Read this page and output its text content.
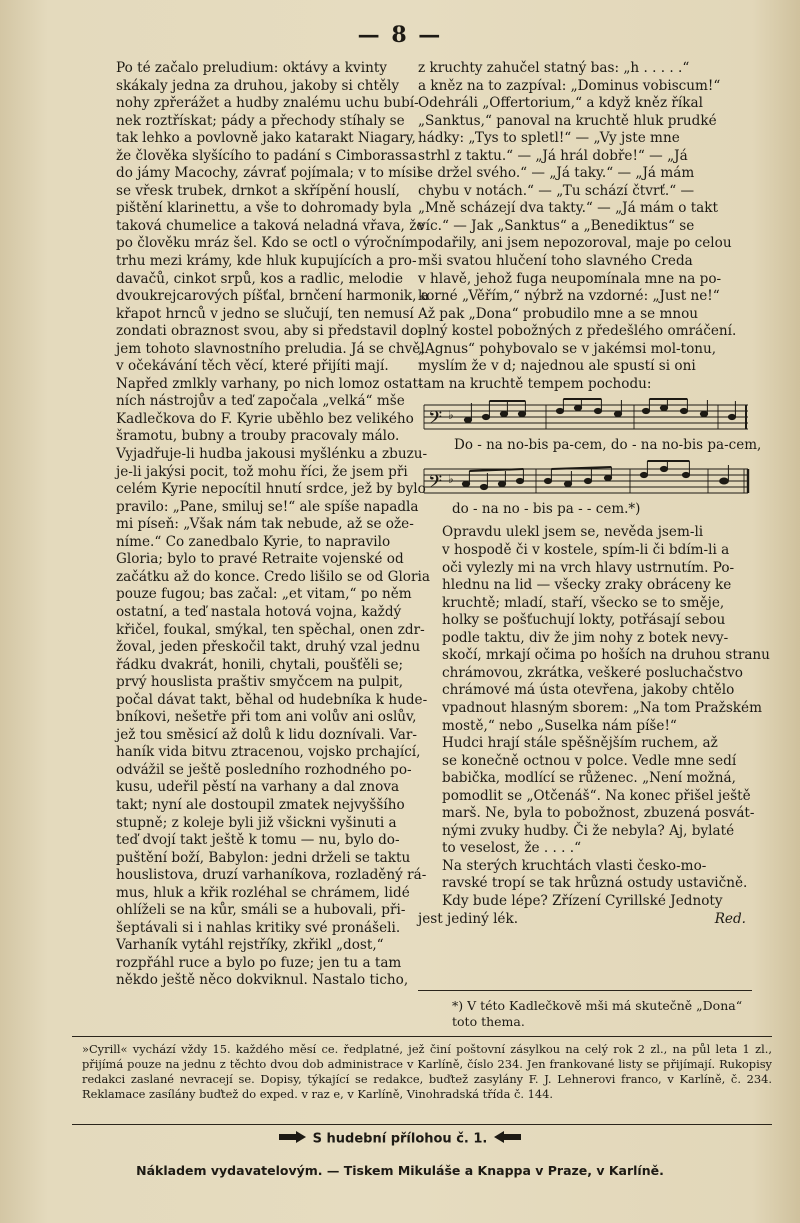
— 8 —

Po té začalo preludium: oktávy a kvinty
skákaly jedna za druhou, jakoby si chtěly
nohy zpřerážet a hudby znalému uchu bubí-
nek roztřískat; pády a přechody stíhaly se
tak lehko a povlovně jako katarakt Niagary,
že člověka slyšícího to padání s Cimborassa
do jámy Macochy, závrať pojímala; v to mísil
se vřesk trubek, drnkot a skřípění houslí,
pištění klarinettu, a vše to dohromady byla
taková chumelice a taková neladná vřava, že
po člověku mráz šel. Kdo se octl o výročním
trhu mezi krámy, kde hluk kupujících a pro-
davačů, cinkot srpů, kos a radlic, melodie
dvoukrejcarových píšťal, brnčení harmonik, a
křapot hrnců v jedno se slučují, ten nemusí
zondati obraznost svou, aby si představil do-
jem tohoto slavnostního preludia. Já se chvěl
v očekávání těch věcí, které přijíti mají.
Napřed zmlkly varhany, po nich lomoz ostat-
ních nástrojův a teď započala „velká“ mše
Kadlečkova do F. Kyrie uběhlo bez velikého
šramotu, bubny a trouby pracovaly málo.
Vyjadřuje-li hudba jakousi myšlénku a zbuzu-
je-li jakýsi pocit, tož mohu říci, že jsem při
celém Kyrie nepocítil hnutí srdce, jež by bylo
pravilo: „Pane, smiluj se!“ ale spíše napadla
mi píseň: „Však nám tak nebude, až se ože-
níme.“ Co zanedbalo Kyrie, to napravilo
Gloria; bylo to pravé Retraite vojenské od
začátku až do konce. Credo lišilo se od Gloria
pouze fugou; bas začal: „et vitam,“ po něm
ostatní, a teď nastala hotová vojna, každý
křičel, foukal, smýkal, ten spěchal, onen zdr-
žoval, jeden přeskočil takt, druhý vzal jednu
řádku dvakrát, honili, chytali, poušťěli se;
prvý houslista praštiv smyčcem na pulpit,
počal dávat takt, běhal od hudebníka k hude-
bníkovi, nešetře při tom ani volův ani oslův,
jež tou směsicí až dolů k lidu doznívali. Var-
haník vida bitvu ztracenou, vojsko prchající,
odvážil se ještě posledního rozhodného po-
kusu, udeřil pěstí na varhany a dal znova
takt; nyní ale dostoupil zmatek nejvyššího
stupně; z koleje byli již všickni vyšinuti a
teď dvojí takt ještě k tomu — nu, bylo do-
puštění boží, Babylon: jedni drželi se taktu
houslistova, druzí varhaníkova, rozladěný rá-
mus, hluk a křik rozléhal se chrámem, lidé
ohlíželi se na kůr, smáli se a hubovali, při-
šeptávali si i nahlas kritiky své pronášeli.

Varhaník vytáhl rejstříky, zkřikl „dost,“
rozpřáhl ruce a bylo po fuze; jen tu a tam
někdo ještě něco dokviknul. Nastalo ticho,

z kruchty zahučel statný bas: „h . . . . .“
a kněz na to zazpíval: „Dominus vobiscum!“
Odehráli „Offertorium,“ a když kněz říkal
„Sanktus,“ panoval na kruchtě hluk prudké
hádky: „Tys to spletl!“ — „Vy jste mne
strhl z taktu.“ — „Já hrál dobře!“ — „Já
se držel svého.“ — „Já taky.“ — „Já mám
chybu v notách.“ — „Tu schází čtvrť.“ —
„Mně scházejí dva takty.“ — „Já mám o takt
víc.“ — Jak „Sanktus“ a „Benediktus“ se
podařily, ani jsem nepozoroval, maje po celou
mši svatou hlučení toho slavného Creda
v hlavě, jehož fuga neupomínala mne na po-
korné „Věřím,“ nýbrž na vzdorné: „Just ne!“
Až pak „Dona“ probudilo mne a se mnou
plný kostel pobožných z předešlého omráčení.
„Agnus“ pohybovalo se v jakémsi mol-tonu,
myslím že v d; najednou ale spustí si oni
tam na kruchtě tempem pochodu:

𝄢 ♭
Do - na no-bis pa-cem, do - na no-bis pa-cem,
𝄢 ♭
do - na no - bis pa - - cem.*)

Opravdu ulekl jsem se, nevěda jsem-li
v hospodě či v kostele, spím-li či bdím-li a
oči vylezly mi na vrch hlavy ustrnutím. Po-
hlednu na lid — všecky zraky obráceny ke
kruchtě; mladí, staří, všecko se to směje,
holky se pošťuchují lokty, potřásají sebou
podle taktu, div že jim nohy z botek nevy-
skočí, mrkají očima po hoších na druhou stranu
chrámovou, zkrátka, veškeré posluchačstvo
chrámové má ústa otevřena, jakoby chtělo
vpadnout hlasným sborem: „Na tom Pražském
mostě,“ nebo „Suselka nám píše!“

Hudci hrají stále spěšnějším ruchem, až
se konečně octnou v polce. Vedle mne sedí
babička, modlící se růženec. „Není možná,
pomodlit se „Otčenáš“. Na konec přišel ještě
marš. Ne, byla to pobožnost, zbuzená posvát-
nými zvuky hudby. Či že nebyla? Aj, bylaté
to veselost, že . . . .“

Na sterých kruchtách vlasti česko-mo-
ravské tropí se tak hrůzná ostudy ustavičně.
Kdy bude lépe? Zřízení Cyrillské Jednoty

jest jediný lék.	Red.

*) V této Kadlečkově mši má skutečně „Dona“ toto thema.
»Cyrill« vychází vždy 15. každého měsí ce. ředplatné, jež činí poštovní zásylkou na celý rok 2 zl., na půl leta 1 zl., přijímá pouze na jednu z těchto dvou dob administrace v Karlíně, číslo 234. Jen frankované listy se přijímají. Rukopisy redakci zaslané nevracejí se. Dopisy, týkající se redakce, buďtež zasylány F. J. Lehnerovi franco, v Karlíně, č. 234. Reklamace zasílány buďtež do exped. v raz e, v Karlíně, Vinohradská třída č. 144.
S hudební přílohou č. 1.
Nákladem vydavatelovým. — Tiskem Mikuláše a Knappa v Praze, v Karlíně.
